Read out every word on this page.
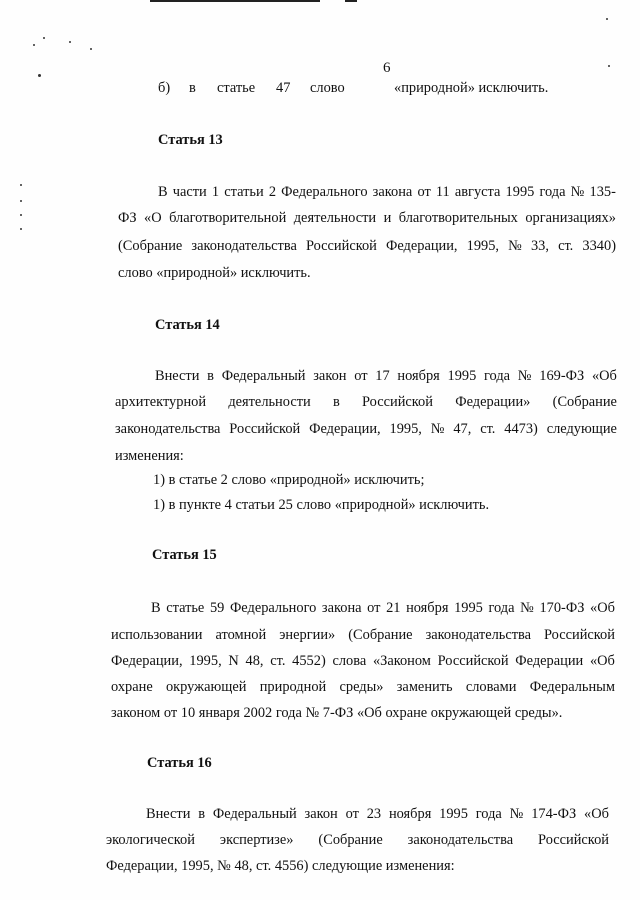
6
б) в статье 47 слово	«природной» исключить.
Статья 13
В части 1 статьи 2 Федерального закона от 11 августа 1995 года № 135-
ФЗ «О благотворительной деятельности и благотворительных организациях»
(Собрание законодательства Российской Федерации, 1995, № 33, ст. 3340)
слово «природной» исключить.
Статья 14
Внести в Федеральный закон от 17 ноября 1995 года № 169-ФЗ «Об
архитектурной деятельности в Российской Федерации» (Собрание
законодательства Российской Федерации, 1995, № 47, ст. 4473) следующие
изменения:
1) в статье 2 слово «природной» исключить;
1) в пункте 4 статьи 25 слово «природной» исключить.
Статья 15
В статье 59 Федерального закона от 21 ноября 1995 года № 170-ФЗ «Об
использовании атомной энергии» (Собрание законодательства Российской
Федерации, 1995, N 48, ст. 4552) слова «Законом Российской Федерации «Об
охране окружающей природной среды» заменить словами Федеральным
законом от 10 января 2002 года № 7-ФЗ «Об охране окружающей среды».
Статья 16
Внести в Федеральный закон от 23 ноября 1995 года № 174-ФЗ «Об
экологической экспертизе» (Собрание законодательства Российской
Федерации, 1995, № 48, ст. 4556) следующие изменения:
